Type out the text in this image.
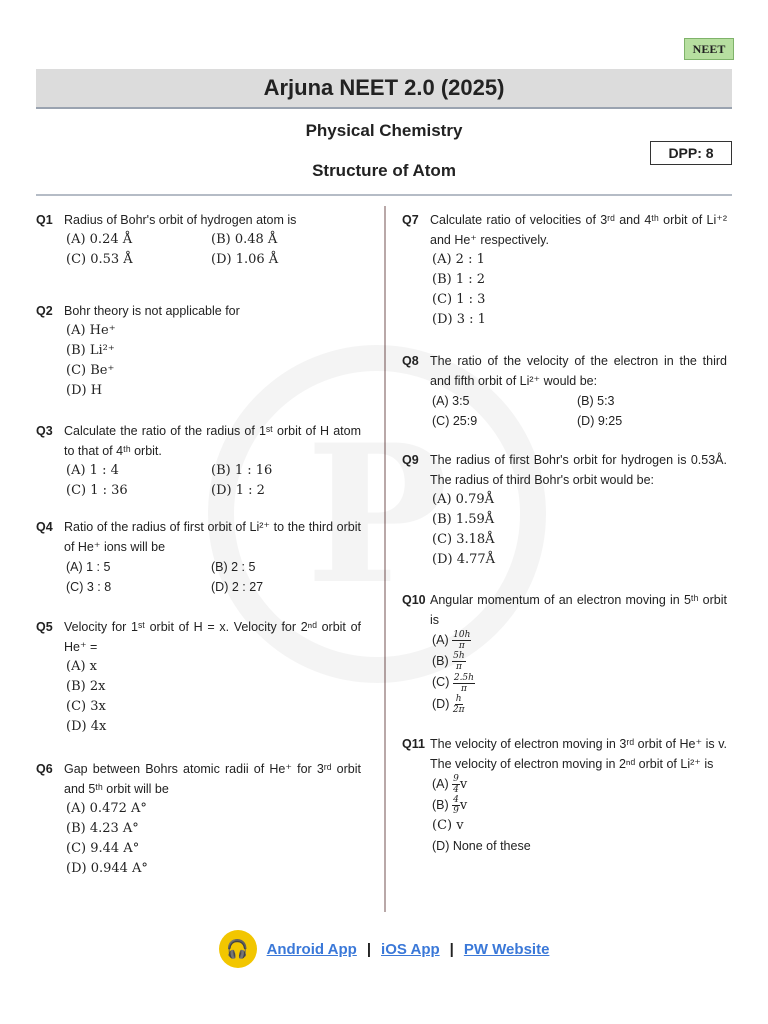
NEET
Arjuna NEET 2.0 (2025)
Physical Chemistry
Structure of Atom
DPP: 8
Q1 Radius of Bohr's orbit of hydrogen atom is
(A) 0.24 Å	(B) 0.48 Å
(C) 0.53 Å	(D) 1.06 Å
Q2 Bohr theory is not applicable for
(A) He⁺
(B) Li²⁺
(C) Be⁺
(D) H
Q3 Calculate the ratio of the radius of 1ˢᵗ orbit of H atom to that of 4ᵗʰ orbit.
(A) 1 : 4	(B) 1 : 16
(C) 1 : 36	(D) 1 : 2
Q4 Ratio of the radius of first orbit of Li²⁺ to the third orbit of He⁺ ions will be
(A) 1 : 5	(B) 2 : 5
(C) 3 : 8	(D) 2 : 27
Q5 Velocity for 1ˢᵗ orbit of H = x. Velocity for 2ⁿᵈ orbit of He⁺ =
(A) x
(B) 2x
(C) 3x
(D) 4x
Q6 Gap between Bohrs atomic radii of He⁺ for 3ʳᵈ orbit and 5ᵗʰ orbit will be
(A) 0.472 A°
(B) 4.23 A°
(C) 9.44 A°
(D) 0.944 A°
Q7 Calculate ratio of velocities of 3ʳᵈ and 4ᵗʰ orbit of Li⁺² and He⁺ respectively.
(A) 2 : 1
(B) 1 : 2
(C) 1 : 3
(D) 3 : 1
Q8 The ratio of the velocity of the electron in the third and fifth orbit of Li²⁺ would be:
(A) 3:5	(B) 5:3
(C) 25:9	(D) 9:25
Q9 The radius of first Bohr's orbit for hydrogen is 0.53Å. The radius of third Bohr's orbit would be:
(A) 0.79Å
(B) 1.59Å
(C) 3.18Å
(D) 4.77Å
Q10 Angular momentum of an electron moving in 5ᵗʰ orbit is
$(A) \frac{10h}{\pi}$
$(B) \frac{5h}{\pi}$
$(C) \frac{2.5h}{\pi}$
$(D) \frac{h}{2\pi}$
Q11 The velocity of electron moving in 3ʳᵈ orbit of He⁺ is v. The velocity of electron moving in 2ⁿᵈ orbit of Li²⁺ is
$(A) \frac{9}{4}$ v
$(B) \frac{4}{9}$ v
(C) v
(D) None of these
🎧 Android App | iOS App | PW Website
